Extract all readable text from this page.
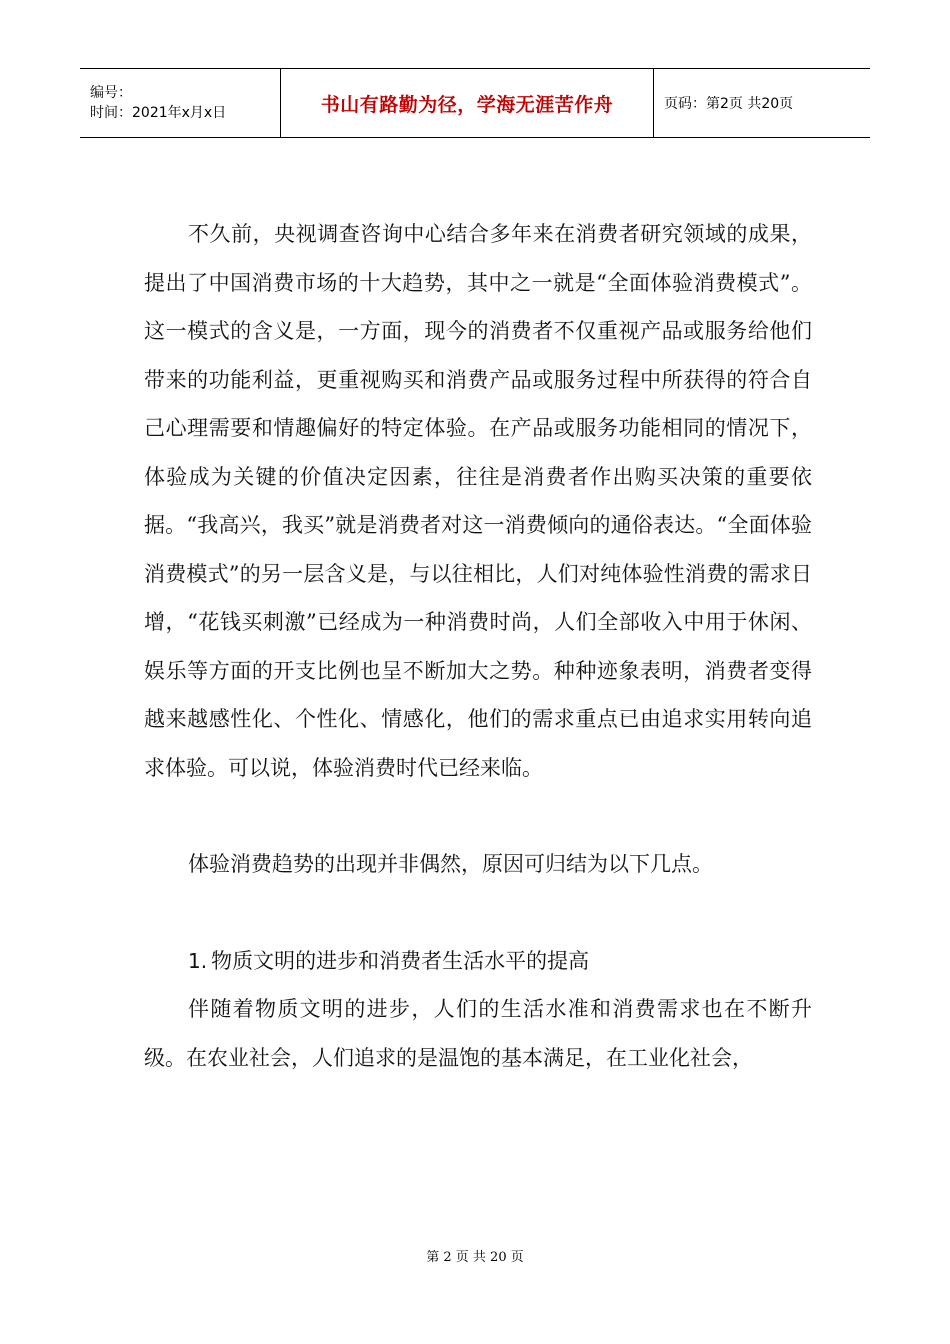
编号：
时间：2021年x月x日	书山有路勤为径，学海无涯苦作舟	页码：第2页 共20页

不久前，央视调查咨询中心结合多年来在消费者研究领域的成果，提出了中国消费市场的十大趋势，其中之一就是“全面体验消费模式”。这一模式的含义是，一方面，现今的消费者不仅重视产品或服务给他们带来的功能利益，更重视购买和消费产品或服务过程中所获得的符合自己心理需要和情趣偏好的特定体验。在产品或服务功能相同的情况下，体验成为关键的价值决定因素，往往是消费者作出购买决策的重要依据。“我高兴，我买”就是消费者对这一消费倾向的通俗表达。“全面体验消费模式”的另一层含义是，与以往相比，人们对纯体验性消费的需求日增，“花钱买刺激”已经成为一种消费时尚，人们全部收入中用于休闲、娱乐等方面的开支比例也呈不断加大之势。种种迹象表明，消费者变得越来越感性化、个性化、情感化，他们的需求重点已由追求实用转向追求体验。可以说，体验消费时代已经来临。

体验消费趋势的出现并非偶然，原因可归结为以下几点。

1. 物质文明的进步和消费者生活水平的提高

伴随着物质文明的进步，人们的生活水准和消费需求也在不断升级。在农业社会，人们追求的是温饱的基本满足，在工业化社会，

第 2 页 共 20 页
